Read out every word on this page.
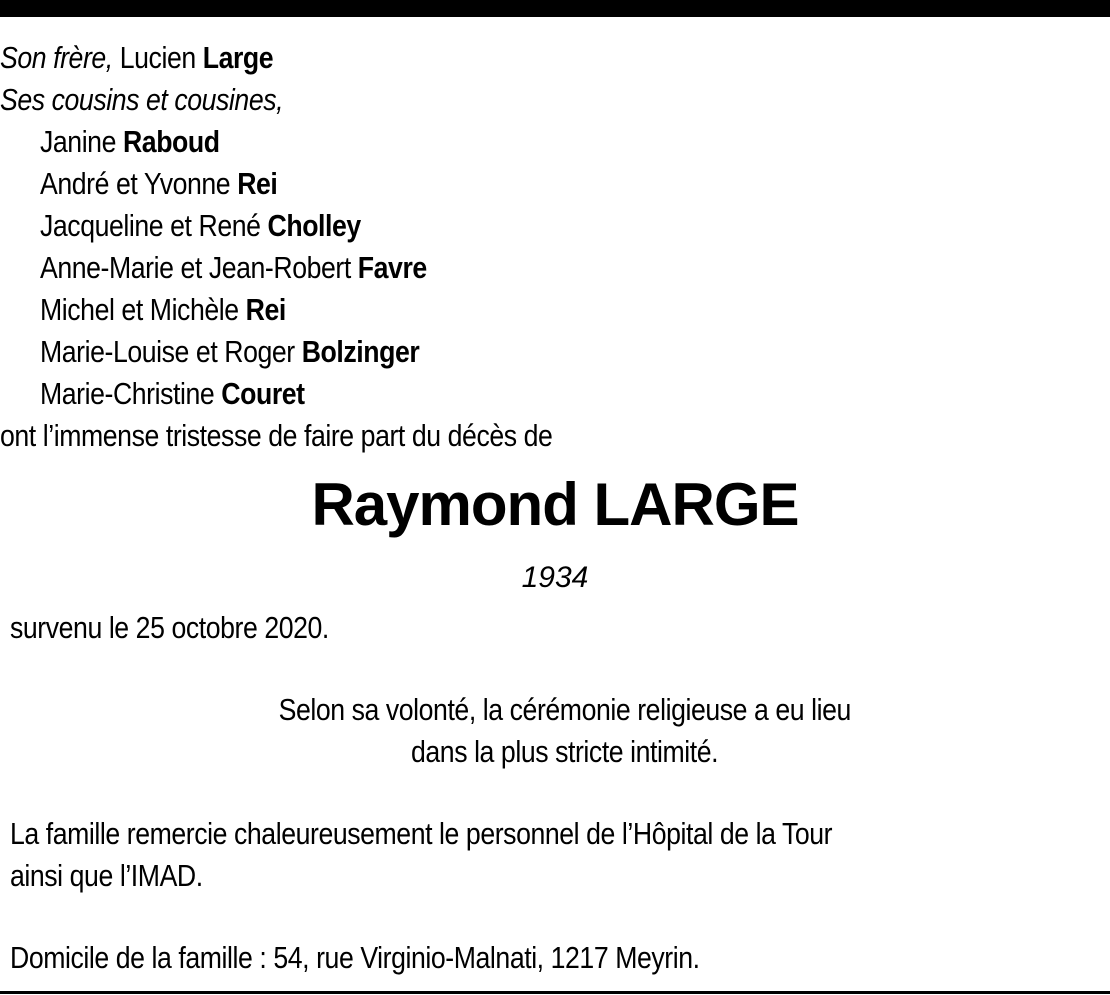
Son frère, Lucien Large
Ses cousins et cousines,
Janine Raboud
André et Yvonne Rei
Jacqueline et René Cholley
Anne-Marie et Jean-Robert Favre
Michel et Michèle Rei
Marie-Louise et Roger Bolzinger
Marie-Christine Couret
ont l’immense tristesse de faire part du décès de
Raymond LARGE
1934
survenu le 25 octobre 2020.
Selon sa volonté, la cérémonie religieuse a eu lieu
dans la plus stricte intimité.
La famille remercie chaleureusement le personnel de l’Hôpital de la Tour
ainsi que l’IMAD.
Domicile de la famille : 54, rue Virginio-Malnati, 1217 Meyrin.
